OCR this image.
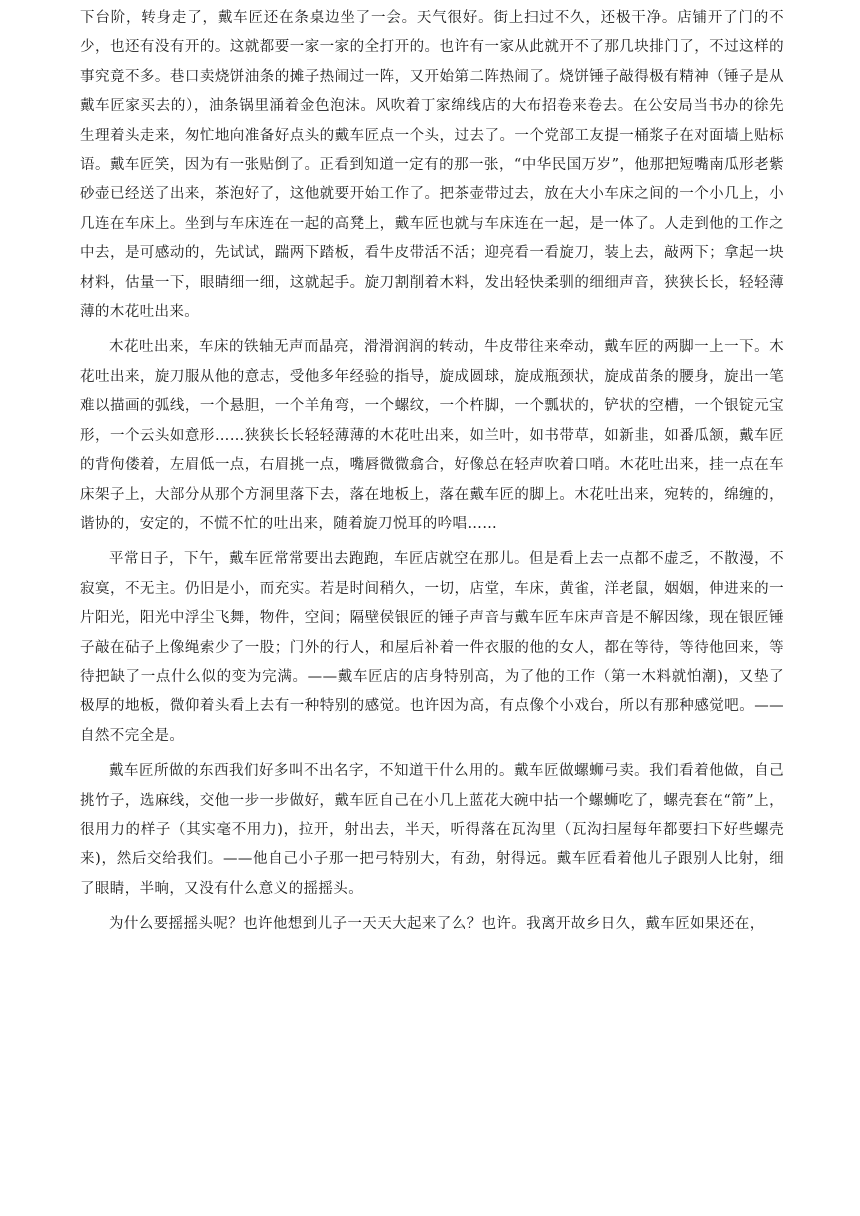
下台阶，转身走了，戴车匠还在条桌边坐了一会。天气很好。街上扫过不久，还极干净。店铺开了门的不少，也还有没有开的。这就都要一家一家的全打开的。也许有一家从此就开不了那几块排门了，不过这样的事究竟不多。巷口卖烧饼油条的摊子热闹过一阵，又开始第二阵热闹了。烧饼锤子敲得极有精神（锤子是从戴车匠家买去的），油条锅里涌着金色泡沫。风吹着丁家绵线店的大布招卷来卷去。在公安局当书办的徐先生理着头走来，匆忙地向准备好点头的戴车匠点一个头，过去了。一个党部工友提一桶浆子在对面墙上贴标语。戴车匠笑，因为有一张贴倒了。正看到知道一定有的那一张，“中华民国万岁”，他那把短嘴南瓜形老紫砂壶已经送了出来，茶泡好了，这他就要开始工作了。把茶壶带过去，放在大小车床之间的一个小几上，小几连在车床上。坐到与车床连在一起的高凳上，戴车匠也就与车床连在一起，是一体了。人走到他的工作之中去，是可感动的，先试试，踹两下踏板，看牛皮带活不活；迎亮看一看旋刀，装上去，敲两下；拿起一块材料，估量一下，眼睛细一细，这就起手。旋刀割削着木料，发出轻快柔驯的细细声音，狭狭长长，轻轻薄薄的木花吐出来。

木花吐出来，车床的铁轴无声而晶亮，滑滑润润的转动，牛皮带往来牵动，戴车匠的两脚一上一下。木花吐出来，旋刀服从他的意志，受他多年经验的指导，旋成圆球，旋成瓶颈状，旋成苗条的腰身，旋出一笔难以描画的弧线，一个悬胆，一个羊角弯，一个螺纹，一个杵脚，一个瓢状的，铲状的空槽，一个银锭元宝形，一个云头如意形……狭狭长长轻轻薄薄的木花吐出来，如兰叶，如书带草，如新韭，如番瓜颔，戴车匠的背佝偻着，左眉低一点，右眉挑一点，嘴唇微微翕合，好像总在轻声吹着口哨。木花吐出来，挂一点在车床架子上，大部分从那个方洞里落下去，落在地板上，落在戴车匠的脚上。木花吐出来，宛转的，绵缠的，谐协的，安定的，不慌不忙的吐出来，随着旋刀悦耳的吟唱……

平常日子，下午，戴车匠常常要出去跑跑，车匠店就空在那儿。但是看上去一点都不虚乏，不散漫，不寂寞，不无主。仍旧是小，而充实。若是时间稍久，一切，店堂，车床，黄雀，洋老鼠，姻姻，伸进来的一片阳光，阳光中浮尘飞舞，物件，空间；隔壁侯银匠的锤子声音与戴车匠车床声音是不解因缘，现在银匠锤子敲在砧子上像绳索少了一股；门外的行人，和屋后补着一件衣服的他的女人，都在等待，等待他回来，等待把缺了一点什么似的变为完满。——戴车匠店的店身特别高，为了他的工作（第一木料就怕潮)，又垫了极厚的地板，微仰着头看上去有一种特别的感觉。也许因为高，有点像个小戏台，所以有那种感觉吧。——自然不完全是。

戴车匠所做的东西我们好多叫不出名字，不知道干什么用的。戴车匠做螺蛳弓卖。我们看着他做，自己挑竹子，选麻线，交他一步一步做好，戴车匠自己在小几上蓝花大碗中拈一个螺蛳吃了，螺壳套在“箭”上，很用力的样子（其实毫不用力)，拉开，射出去，半天，听得落在瓦沟里（瓦沟扫屋每年都要扫下好些螺壳来)，然后交给我们。——他自己小子那一把弓特别大，有劲，射得远。戴车匠看着他儿子跟别人比射，细了眼睛，半晌，又没有什么意义的摇摇头。

为什么要摇摇头呢？也许他想到儿子一天天大起来了么？也许。我离开故乡日久，戴车匠如果还在，
